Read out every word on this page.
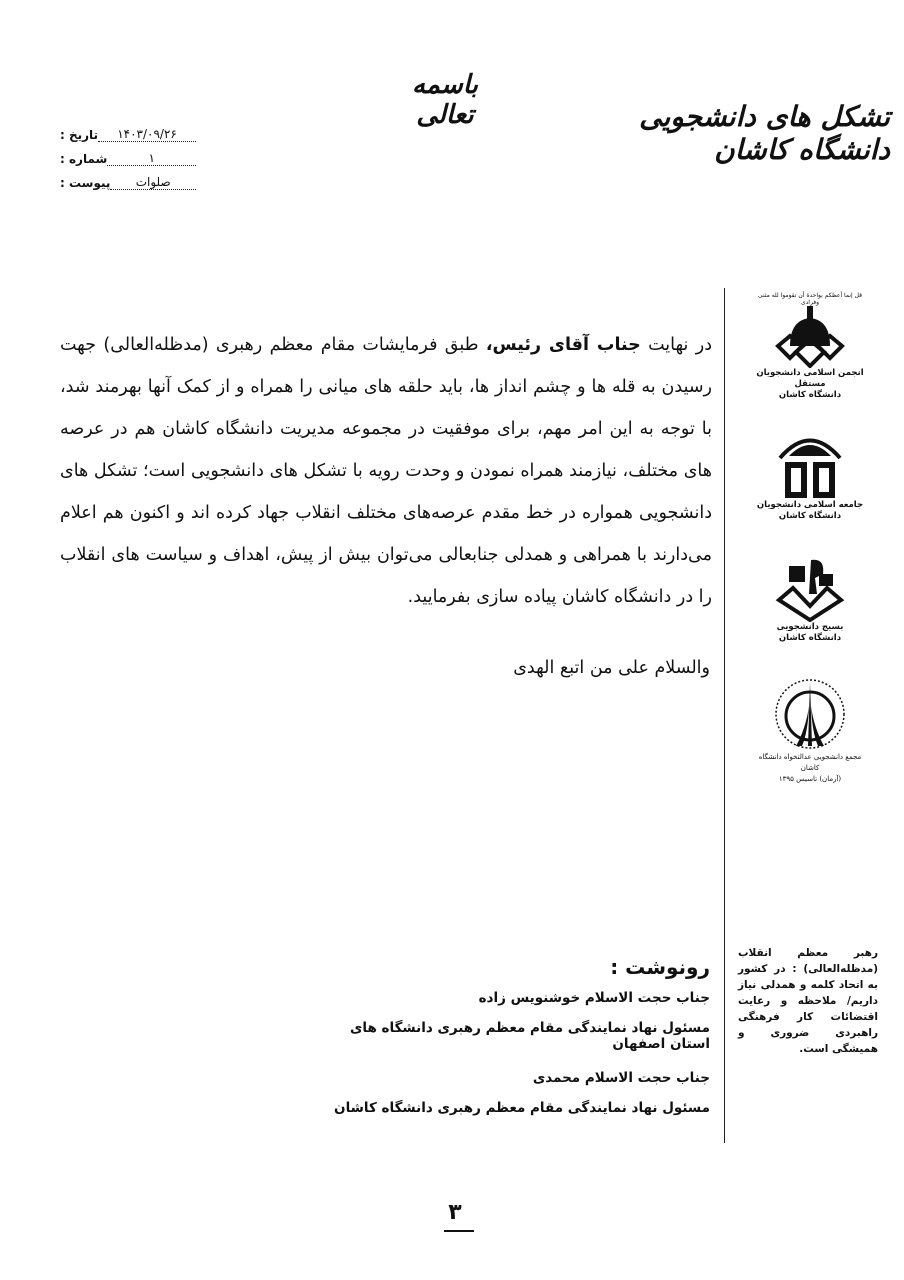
باسمه تعالی	تشکل های دانشجویی دانشگاه کاشان
تاریخ :	۱۴۰۳/۰۹/۲۶
شماره :	۱
پیوست :	صلوات
در نهایت جناب آقای رئیس، طبق فرمایشات مقام معظم رهبری (مدظله‌العالی) جهت رسیدن به قله ها و چشم انداز ها، باید حلقه های میانی را همراه و از کمک آنها بهرمند شد، با توجه به این امر مهم، برای موفقیت در مجموعه مدیریت دانشگاه کاشان هم در عرصه های مختلف، نیازمند همراه نمودن و وحدت رویه با تشکل های دانشجویی است؛ تشکل های دانشجویی همواره در خط مقدم عرصه‌های مختلف انقلاب جهاد کرده اند و اکنون هم اعلام می‌دارند با همراهی و همدلی جنابعالی می‌توان بیش از پیش، اهداف و سیاست های انقلاب را در دانشگاه کاشان پیاده سازی بفرمایید.
والسلام علی من اتبع الهدی
رونوشت :
جناب حجت الاسلام خوشنویس زاده
مسئول نهاد نمایندگی مقام معظم رهبری دانشگاه های استان اصفهان
جناب حجت الاسلام محمدی
مسئول نهاد نمایندگی مقام معظم رهبری دانشگاه کاشان
قل إنما أعظكم بواحدة أن تقوموا لله مثنى وفرادى
انجمن اسلامی دانشجویان مستقل
دانشگاه کاشان
جامعه اسلامی دانشجویان
دانشگاه کاشان
بسیج دانشجویی
دانشگاه کاشان
مجمع دانشجویی عدالتخواه دانشگاه کاشان
(آرمان) تاسیس ۱۳۹۵
رهبر معظم انقلاب (مدظله‌العالی) : در کشور به اتحاد کلمه و همدلی نیاز داریم/ ملاحظه و رعایت اقتضائات کار فرهنگی راهبردی ضروری و همیشگی است.
۳
